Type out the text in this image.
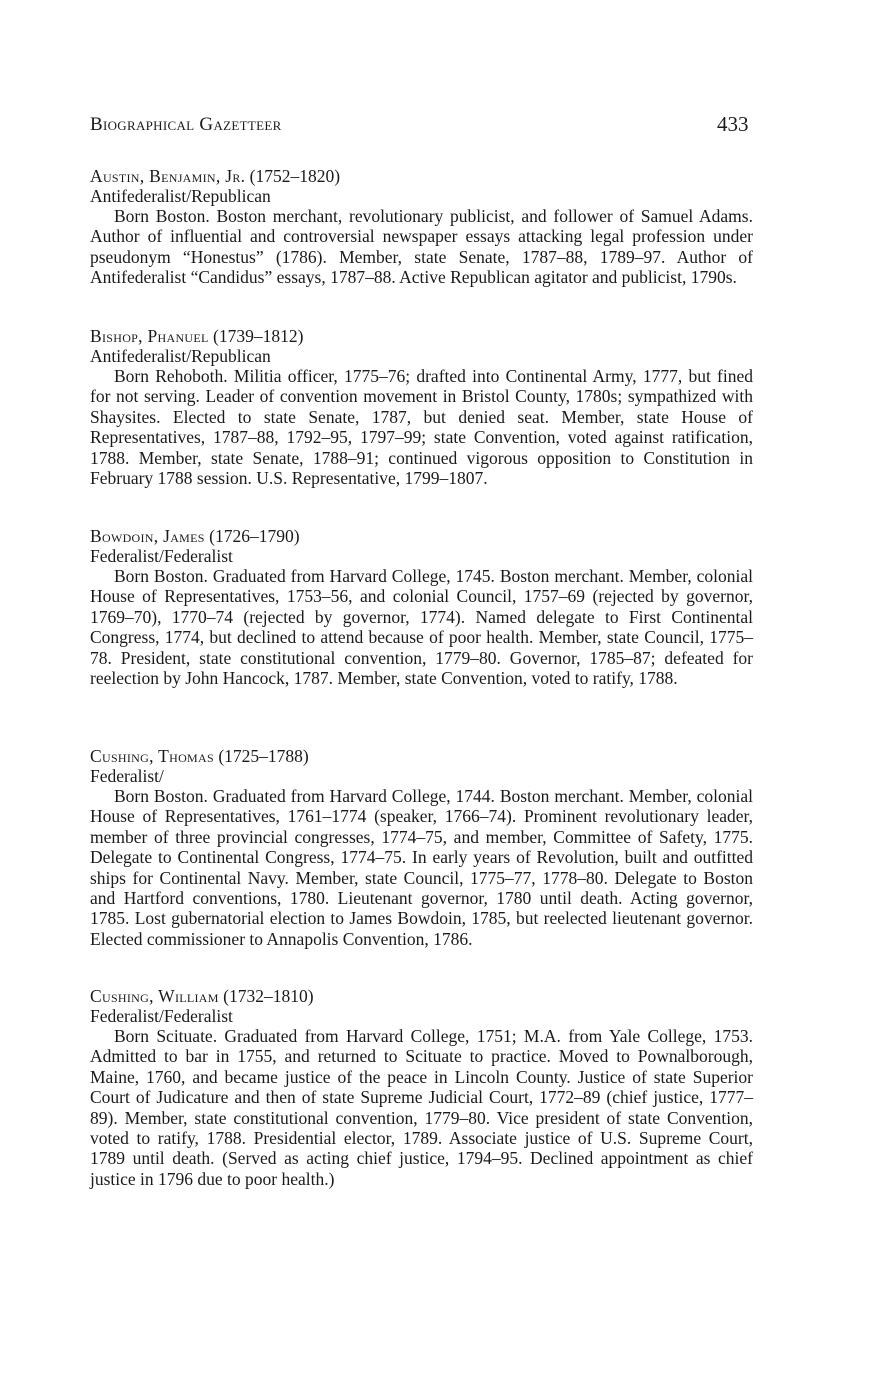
Biographical Gazetteer	433
Austin, Benjamin, Jr. (1752–1820)
Antifederalist/Republican

Born Boston. Boston merchant, revolutionary publicist, and follower of Samuel Adams. Author of influential and controversial newspaper essays attacking legal profession under pseudonym “Honestus” (1786). Member, state Senate, 1787–88, 1789–97. Author of Antifederalist “Candidus” essays, 1787–88. Active Republican agitator and publicist, 1790s.

Bishop, Phanuel (1739–1812)
Antifederalist/Republican

Born Rehoboth. Militia officer, 1775–76; drafted into Continental Army, 1777, but fined for not serving. Leader of convention movement in Bristol County, 1780s; sympathized with Shaysites. Elected to state Senate, 1787, but denied seat. Member, state House of Representatives, 1787–88, 1792–95, 1797–99; state Convention, voted against ratification, 1788. Member, state Senate, 1788–91; continued vigorous opposition to Constitution in February 1788 session. U.S. Representative, 1799–1807.

Bowdoin, James (1726–1790)
Federalist/Federalist

Born Boston. Graduated from Harvard College, 1745. Boston merchant. Member, colonial House of Representatives, 1753–56, and colonial Council, 1757–69 (rejected by governor, 1769–70), 1770–74 (rejected by governor, 1774). Named delegate to First Continental Congress, 1774, but declined to attend because of poor health. Member, state Council, 1775–78. President, state constitutional convention, 1779–80. Governor, 1785–87; defeated for reelection by John Hancock, 1787. Member, state Convention, voted to ratify, 1788.

Cushing, Thomas (1725–1788)
Federalist/

Born Boston. Graduated from Harvard College, 1744. Boston merchant. Member, colonial House of Representatives, 1761–1774 (speaker, 1766–74). Prominent revolutionary leader, member of three provincial congresses, 1774–75, and member, Committee of Safety, 1775. Delegate to Continental Congress, 1774–75. In early years of Revolution, built and outfitted ships for Continental Navy. Member, state Council, 1775–77, 1778–80. Delegate to Boston and Hartford conventions, 1780. Lieutenant governor, 1780 until death. Acting governor, 1785. Lost gubernatorial election to James Bowdoin, 1785, but reelected lieutenant governor. Elected commissioner to Annapolis Convention, 1786.

Cushing, William (1732–1810)
Federalist/Federalist

Born Scituate. Graduated from Harvard College, 1751; M.A. from Yale College, 1753. Admitted to bar in 1755, and returned to Scituate to practice. Moved to Pownalborough, Maine, 1760, and became justice of the peace in Lincoln County. Justice of state Superior Court of Judicature and then of state Supreme Judicial Court, 1772–89 (chief justice, 1777–89). Member, state constitutional convention, 1779–80. Vice president of state Convention, voted to ratify, 1788. Presidential elector, 1789. Associate justice of U.S. Supreme Court, 1789 until death. (Served as acting chief justice, 1794–95. Declined appointment as chief justice in 1796 due to poor health.)
